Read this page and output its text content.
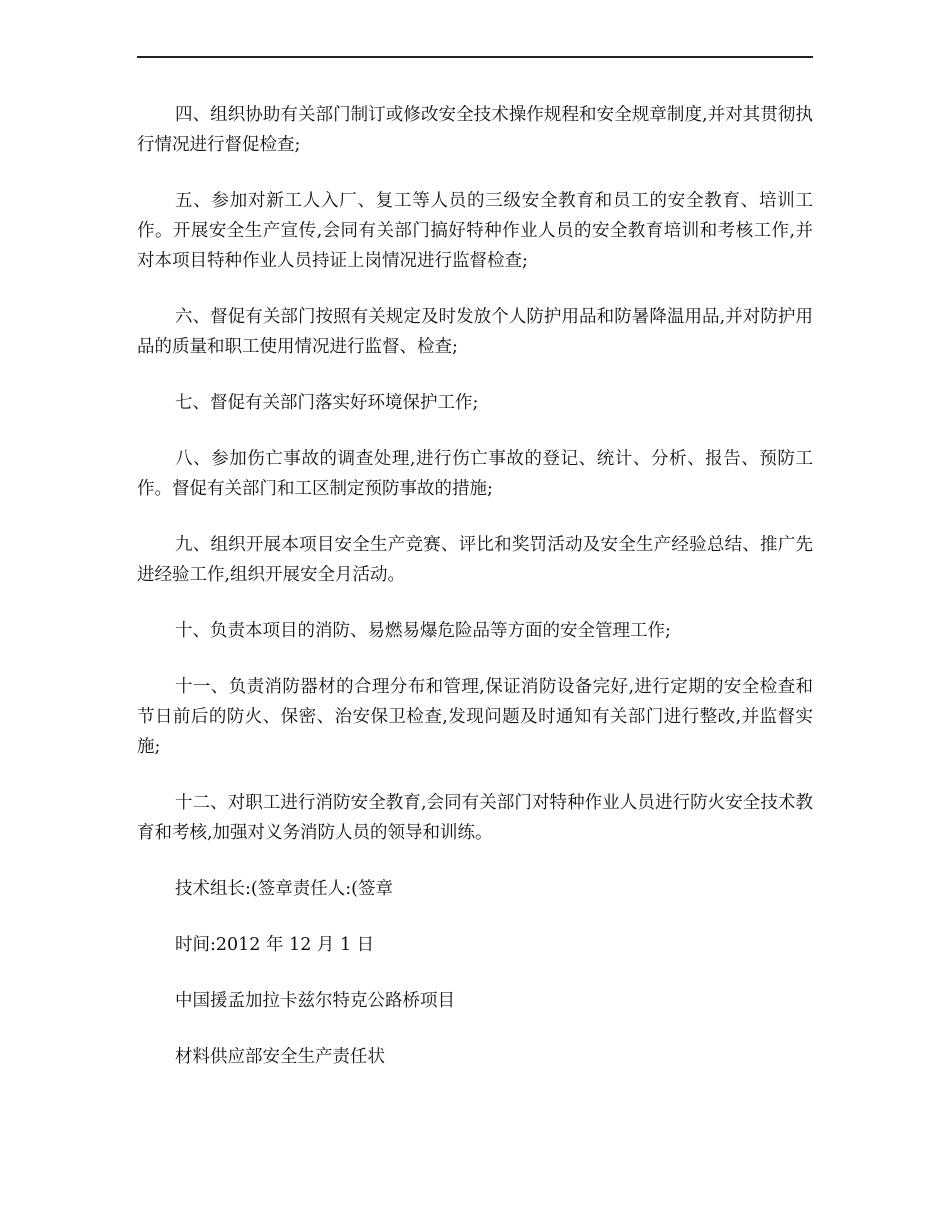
四、组织协助有关部门制订或修改安全技术操作规程和安全规章制度,并对其贯彻执行情况进行督促检查;

五、参加对新工人入厂、复工等人员的三级安全教育和员工的安全教育、培训工作。开展安全生产宣传,会同有关部门搞好特种作业人员的安全教育培训和考核工作,并对本项目特种作业人员持证上岗情况进行监督检查;

六、督促有关部门按照有关规定及时发放个人防护用品和防暑降温用品,并对防护用品的质量和职工使用情况进行监督、检查;

七、督促有关部门落实好环境保护工作;

八、参加伤亡事故的调查处理,进行伤亡事故的登记、统计、分析、报告、预防工作。督促有关部门和工区制定预防事故的措施;

九、组织开展本项目安全生产竞赛、评比和奖罚活动及安全生产经验总结、推广先进经验工作,组织开展安全月活动。

十、负责本项目的消防、易燃易爆危险品等方面的安全管理工作;

十一、负责消防器材的合理分布和管理,保证消防设备完好,进行定期的安全检查和节日前后的防火、保密、治安保卫检查,发现问题及时通知有关部门进行整改,并监督实施;

十二、对职工进行消防安全教育,会同有关部门对特种作业人员进行防火安全技术教育和考核,加强对义务消防人员的领导和训练。

技术组长:(签章责任人:(签章

时间:2012 年 12 月 1 日

中国援孟加拉卡兹尔特克公路桥项目

材料供应部安全生产责任状
